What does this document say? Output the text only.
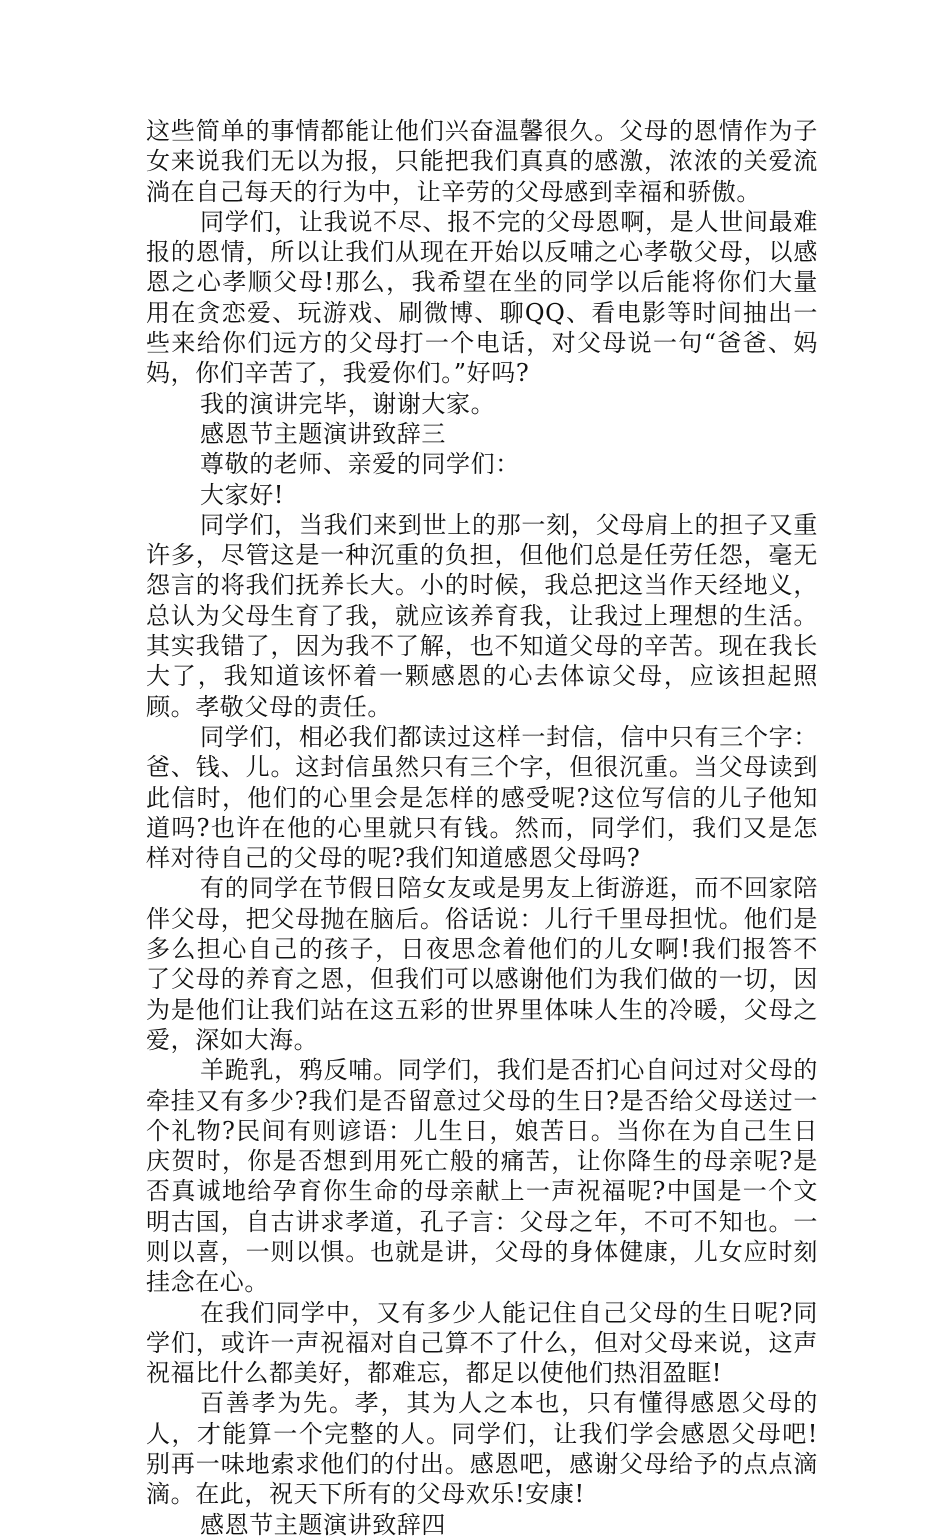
这些简单的事情都能让他们兴奋温馨很久。父母的恩情作为子女来说我们无以为报，只能把我们真真的感激，浓浓的关爱流淌在自己每天的行为中，让辛劳的父母感到幸福和骄傲。

同学们，让我说不尽、报不完的父母恩啊，是人世间最难报的恩情，所以让我们从现在开始以反哺之心孝敬父母，以感恩之心孝顺父母!那么，我希望在坐的同学以后能将你们大量用在贪恋爱、玩游戏、刷微博、聊QQ、看电影等时间抽出一些来给你们远方的父母打一个电话，对父母说一句“爸爸、妈妈，你们辛苦了，我爱你们。”好吗?

我的演讲完毕，谢谢大家。

感恩节主题演讲致辞三

尊敬的老师、亲爱的同学们：

大家好!

同学们，当我们来到世上的那一刻，父母肩上的担子又重许多，尽管这是一种沉重的负担，但他们总是任劳任怨，毫无怨言的将我们抚养长大。小的时候，我总把这当作天经地义，总认为父母生育了我，就应该养育我，让我过上理想的生活。其实我错了，因为我不了解，也不知道父母的辛苦。现在我长大了，我知道该怀着一颗感恩的心去体谅父母，应该担起照顾。孝敬父母的责任。

同学们，相必我们都读过这样一封信，信中只有三个字：爸、钱、儿。这封信虽然只有三个字，但很沉重。当父母读到此信时，他们的心里会是怎样的感受呢?这位写信的儿子他知道吗?也许在他的心里就只有钱。然而，同学们，我们又是怎样对待自己的父母的呢?我们知道感恩父母吗?

有的同学在节假日陪女友或是男友上街游逛，而不回家陪伴父母，把父母抛在脑后。俗话说：儿行千里母担忧。他们是多么担心自己的孩子，日夜思念着他们的儿女啊!我们报答不了父母的养育之恩，但我们可以感谢他们为我们做的一切，因为是他们让我们站在这五彩的世界里体味人生的冷暖，父母之爱，深如大海。

羊跪乳，鸦反哺。同学们，我们是否扪心自问过对父母的牵挂又有多少?我们是否留意过父母的生日?是否给父母送过一个礼物?民间有则谚语：儿生日，娘苦日。当你在为自己生日庆贺时，你是否想到用死亡般的痛苦，让你降生的母亲呢?是否真诚地给孕育你生命的母亲献上一声祝福呢?中国是一个文明古国，自古讲求孝道，孔子言：父母之年，不可不知也。一则以喜，一则以惧。也就是讲，父母的身体健康，儿女应时刻挂念在心。

在我们同学中，又有多少人能记住自己父母的生日呢?同学们，或许一声祝福对自己算不了什么，但对父母来说，这声祝福比什么都美好，都难忘，都足以使他们热泪盈眶!

百善孝为先。孝，其为人之本也，只有懂得感恩父母的人，才能算一个完整的人。同学们，让我们学会感恩父母吧!别再一味地索求他们的付出。感恩吧，感谢父母给予的点点滴滴。在此，祝天下所有的父母欢乐!安康!

感恩节主题演讲致辞四
